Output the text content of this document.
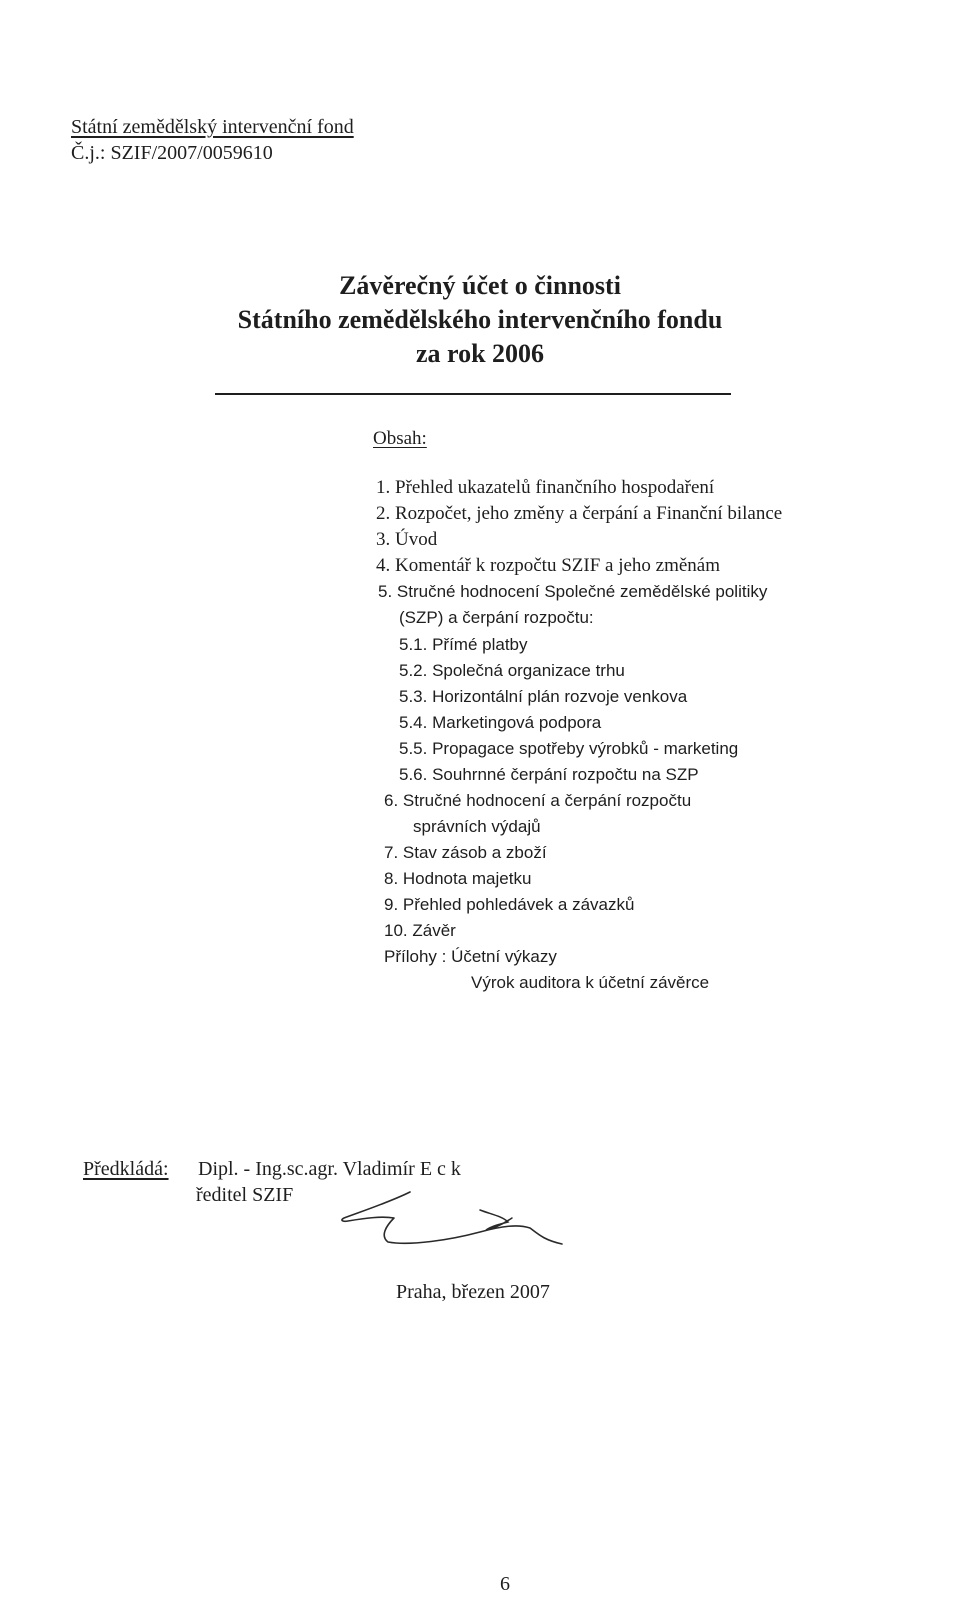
Státní zemědělský intervenční fond
Č.j.: SZIF/2007/0059610
Závěrečný účet o činnosti
Státního zemědělského intervenčního fondu
za rok 2006
Obsah:
1. Přehled ukazatelů finančního hospodaření
2. Rozpočet, jeho změny a čerpání a Finanční bilance
3. Úvod
4. Komentář k rozpočtu SZIF a jeho změnám
5. Stručné hodnocení Společné zemědělské politiky
(SZP) a čerpání rozpočtu:
5.1. Přímé platby
5.2. Společná organizace trhu
5.3. Horizontální plán rozvoje venkova
5.4. Marketingová podpora
5.5. Propagace spotřeby výrobků - marketing
5.6. Souhrnné čerpání rozpočtu na SZP
6. Stručné hodnocení a čerpání rozpočtu
správních výdajů
7. Stav zásob a zboží
8. Hodnota majetku
9. Přehled pohledávek a závazků
10. Závěr
Přílohy : Účetní výkazy
Výrok auditora k účetní závěrce
Předkládá: Dipl. - Ing.sc.agr. Vladimír E c k
ředitel SZIF
Praha, březen 2007
6
